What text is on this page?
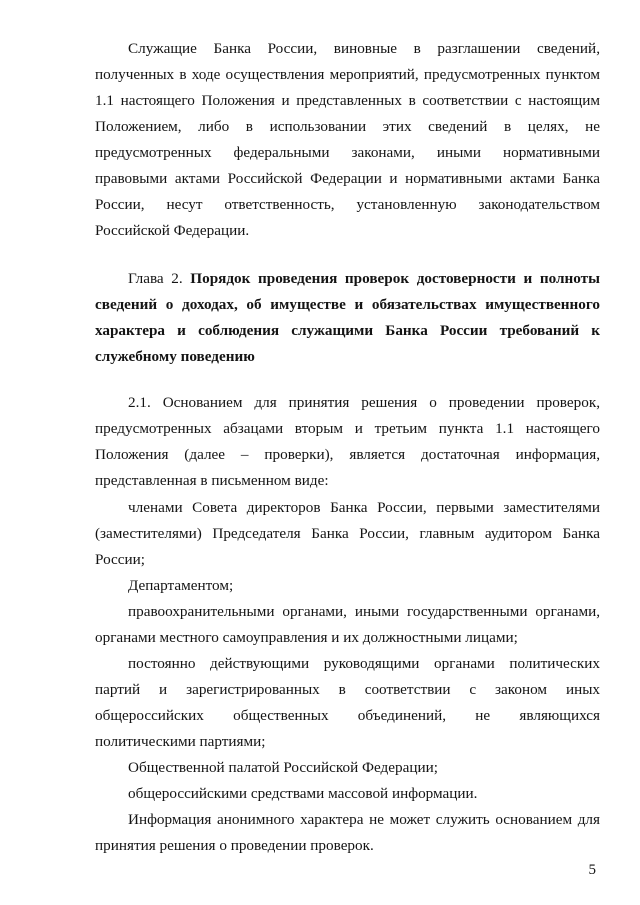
Служащие Банка России, виновные в разглашении сведений, полученных в ходе осуществления мероприятий, предусмотренных пунктом 1.1 настоящего Положения и представленных в соответствии с настоящим Положением, либо в использовании этих сведений в целях, не предусмотренных федеральными законами, иными нормативными правовыми актами Российской Федерации и нормативными актами Банка России, несут ответственность, установленную законодательством Российской Федерации.

Глава 2. Порядок проведения проверок достоверности и полноты сведений о доходах, об имуществе и обязательствах имущественного характера и соблюдения служащими Банка России требований к служебному поведению

2.1. Основанием для принятия решения о проведении проверок, предусмотренных абзацами вторым и третьим пункта 1.1 настоящего Положения (далее – проверки), является достаточная информация, представленная в письменном виде:

членами Совета директоров Банка России, первыми заместителями (заместителями) Председателя Банка России, главным аудитором Банка России;

Департаментом;

правоохранительными органами, иными государственными органами, органами местного самоуправления и их должностными лицами;

постоянно действующими руководящими органами политических партий и зарегистрированных в соответствии с законом иных общероссийских общественных объединений, не являющихся политическими партиями;

Общественной палатой Российской Федерации;

общероссийскими средствами массовой информации.

Информация анонимного характера не может служить основанием для принятия решения о проведении проверок.

5
